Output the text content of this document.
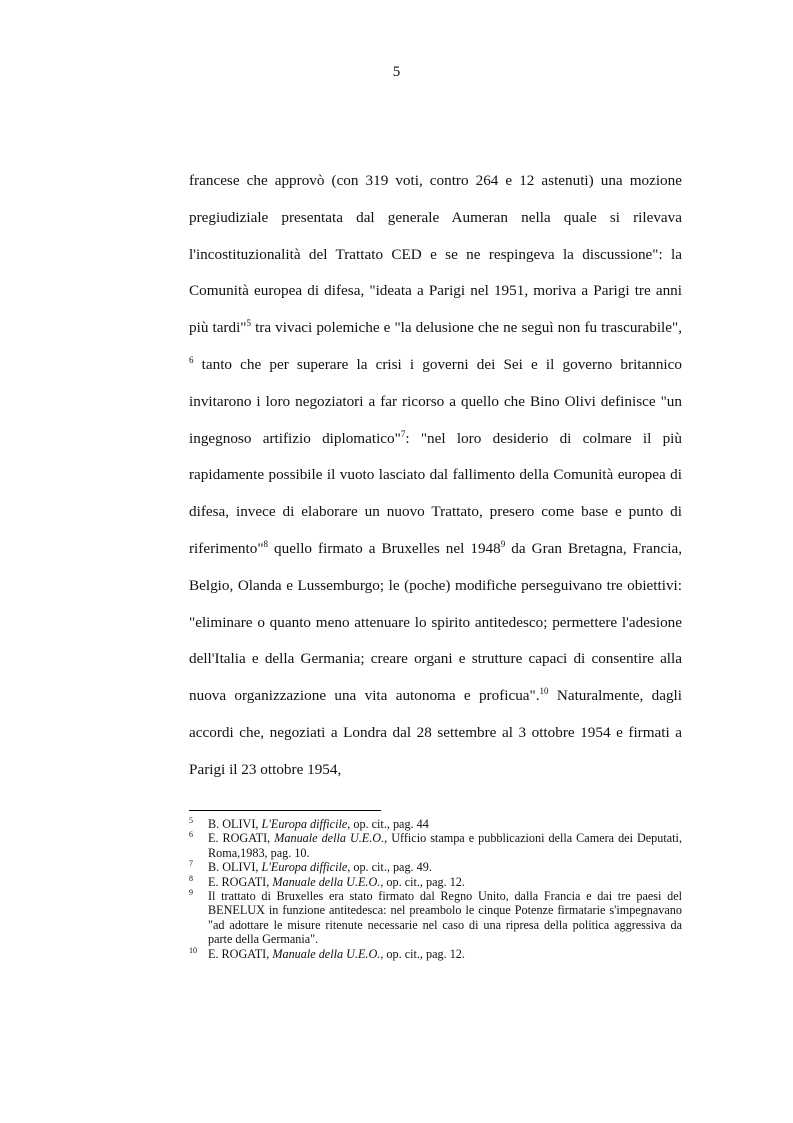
5

francese che approvò (con 319 voti, contro 264 e 12 astenuti) una mozione pregiudiziale presentata dal generale Aumeran nella quale si rilevava l'incostituzionalità del Trattato CED e se ne respingeva la discussione": la Comunità europea di difesa, "ideata a Parigi nel 1951, moriva a Parigi tre anni più tardi"$^5$ tra vivaci polemiche e "la delusione che ne seguì non fu trascurabile", $^6$ tanto che per superare la crisi i governi dei Sei e il governo britannico invitarono i loro negoziatori a far ricorso a quello che Bino Olivi definisce "un ingegnoso artifizio diplomatico"$^7$: "nel loro desiderio di colmare il più rapidamente possibile il vuoto lasciato dal fallimento della Comunità europea di difesa, invece di elaborare un nuovo Trattato, presero come base e punto di riferimento"$^8$ quello firmato a Bruxelles nel 1948$^9$ da Gran Bretagna, Francia, Belgio, Olanda e Lussemburgo; le (poche) modifiche perseguivano tre obiettivi: "eliminare o quanto meno attenuare lo spirito antitedesco; permettere l'adesione dell'Italia e della Germania; creare organi e strutture capaci di consentire alla nuova organizzazione una vita autonoma e proficua".$^{10}$ Naturalmente, dagli accordi che, negoziati a Londra dal 28 settembre al 3 ottobre 1954 e firmati a Parigi il 23 ottobre 1954,

5 B. OLIVI, L'Europa difficile, op. cit., pag. 44
6 E. ROGATI, Manuale della U.E.O., Ufficio stampa e pubblicazioni della Camera dei Deputati, Roma,1983, pag. 10.
7 B. OLIVI, L'Europa difficile, op. cit., pag. 49.
8 E. ROGATI, Manuale della U.E.O., op. cit., pag. 12.
9 Il trattato di Bruxelles era stato firmato dal Regno Unito, dalla Francia e dai tre paesi del BENELUX in funzione antitedesca: nel preambolo le cinque Potenze firmatarie s'impegnavano "ad adottare le misure ritenute necessarie nel caso di una ripresa della politica aggressiva da parte della Germania".
10 E. ROGATI, Manuale della U.E.O., op. cit., pag. 12.
